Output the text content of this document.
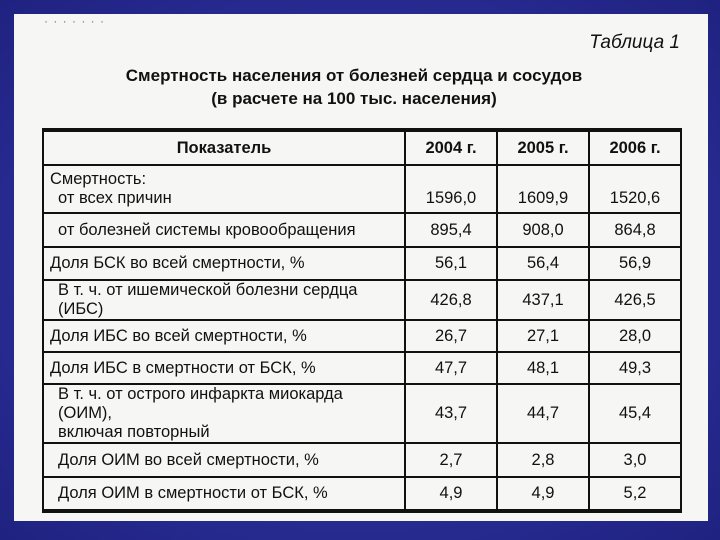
· · · · · · ·
Таблица 1
Смертность населения от болезней сердца и сосудов
(в расчете на 100 тыс. населения)
Показатель	2004 г.	2005 г.	2006 г.

Смертность:
от всех причин	1596,0	1609,9	1520,6
от болезней системы кровообращения	895,4	908,0	864,8
Доля БСК во всей смертности, %	56,1	56,4	56,9
В т. ч. от ишемической болезни сердца (ИБС)	426,8	437,1	426,5
Доля ИБС во всей смертности, %	26,7	27,1	28,0
Доля ИБС в смертности от БСК, %	47,7	48,1	49,3

В т. ч. от острого инфаркта миокарда (ОИМ),
включая повторный	43,7	44,7	45,4
Доля ОИМ во всей смертности, %	2,7	2,8	3,0
Доля ОИМ в смертности от БСК, %	4,9	4,9	5,2
